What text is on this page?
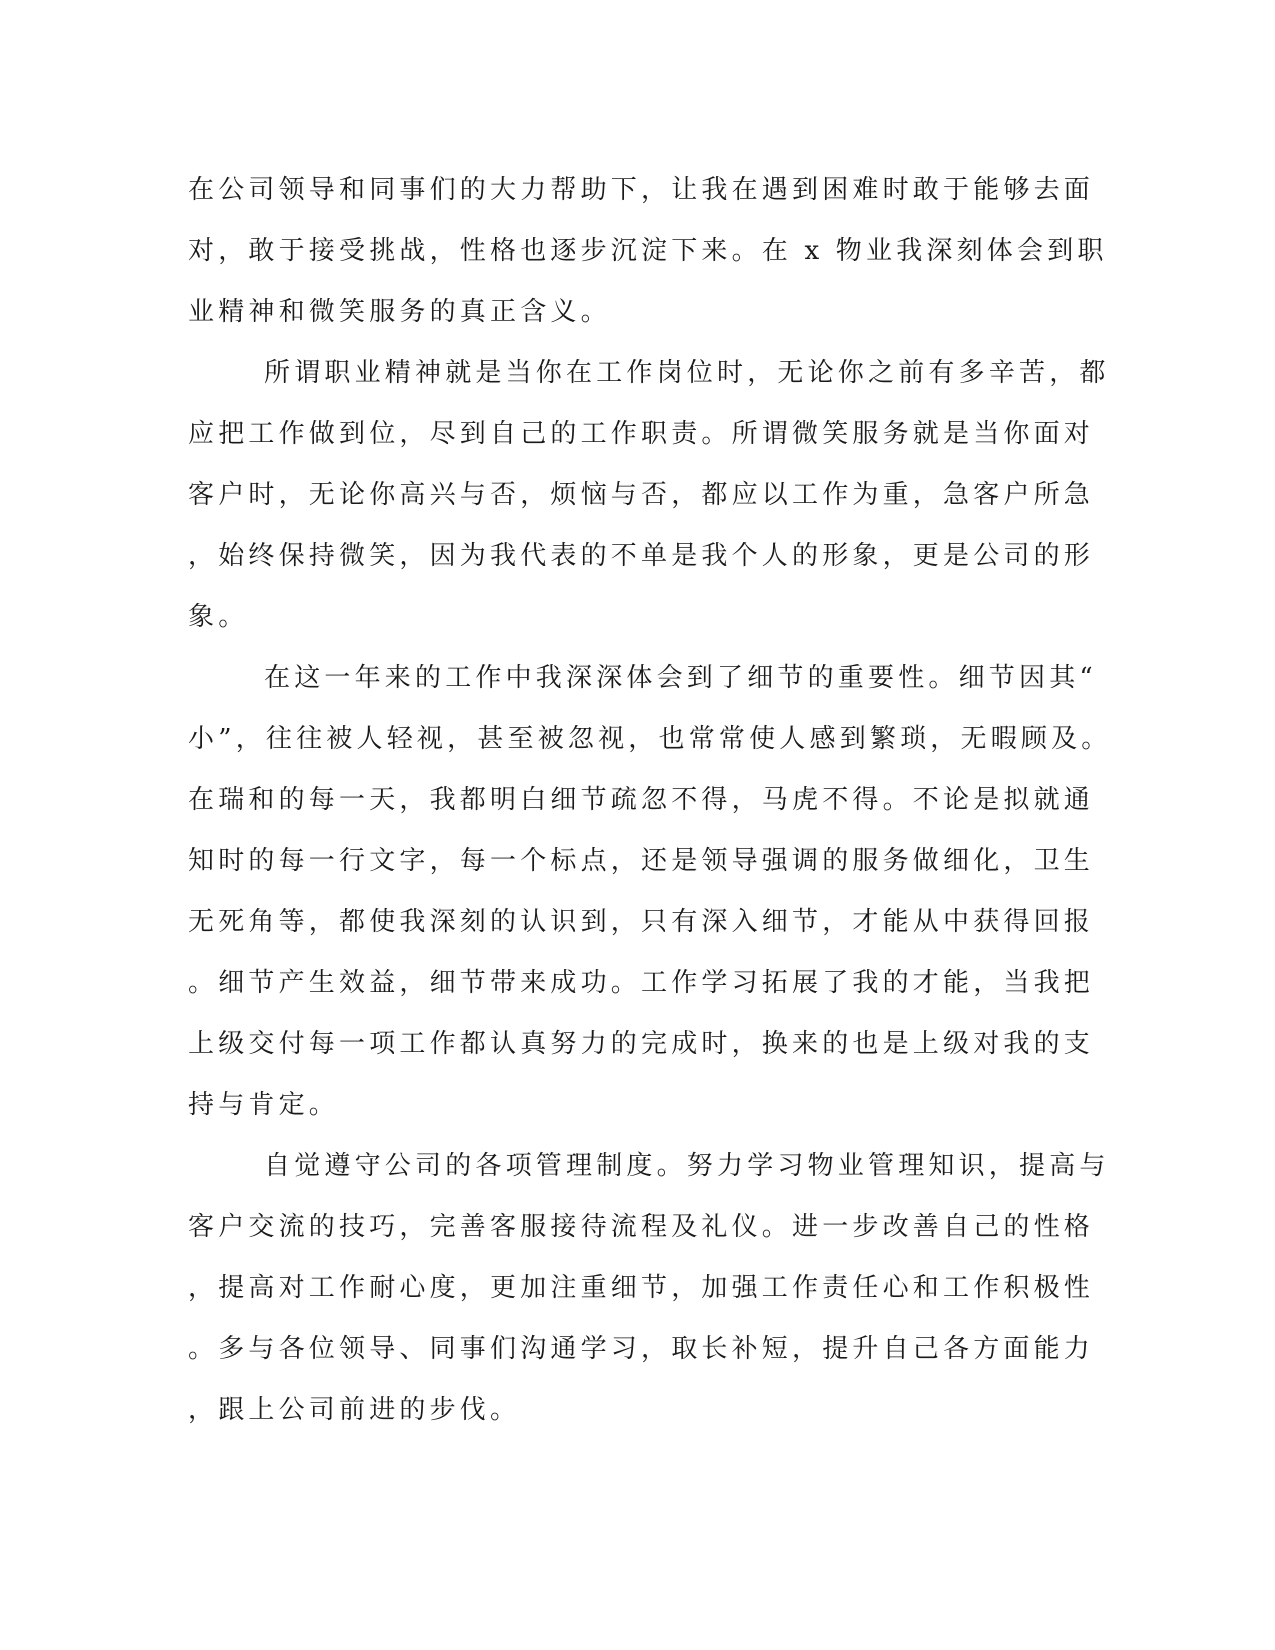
在公司领导和同事们的大力帮助下，让我在遇到困难时敢于能够去面
对，敢于接受挑战，性格也逐步沉淀下来。在 x 物业我深刻体会到职
业精神和微笑服务的真正含义。
所谓职业精神就是当你在工作岗位时，无论你之前有多辛苦，都
应把工作做到位，尽到自己的工作职责。所谓微笑服务就是当你面对
客户时，无论你高兴与否，烦恼与否，都应以工作为重，急客户所急
，始终保持微笑，因为我代表的不单是我个人的形象，更是公司的形
象。
在这一年来的工作中我深深体会到了细节的重要性。细节因其“
小”，往往被人轻视，甚至被忽视，也常常使人感到繁琐，无暇顾及。
在瑞和的每一天，我都明白细节疏忽不得，马虎不得。不论是拟就通
知时的每一行文字，每一个标点，还是领导强调的服务做细化，卫生
无死角等，都使我深刻的认识到，只有深入细节，才能从中获得回报
。细节产生效益，细节带来成功。工作学习拓展了我的才能，当我把
上级交付每一项工作都认真努力的完成时，换来的也是上级对我的支
持与肯定。
自觉遵守公司的各项管理制度。努力学习物业管理知识，提高与
客户交流的技巧，完善客服接待流程及礼仪。进一步改善自己的性格
，提高对工作耐心度，更加注重细节，加强工作责任心和工作积极性
。多与各位领导、同事们沟通学习，取长补短，提升自己各方面能力
，跟上公司前进的步伐。
